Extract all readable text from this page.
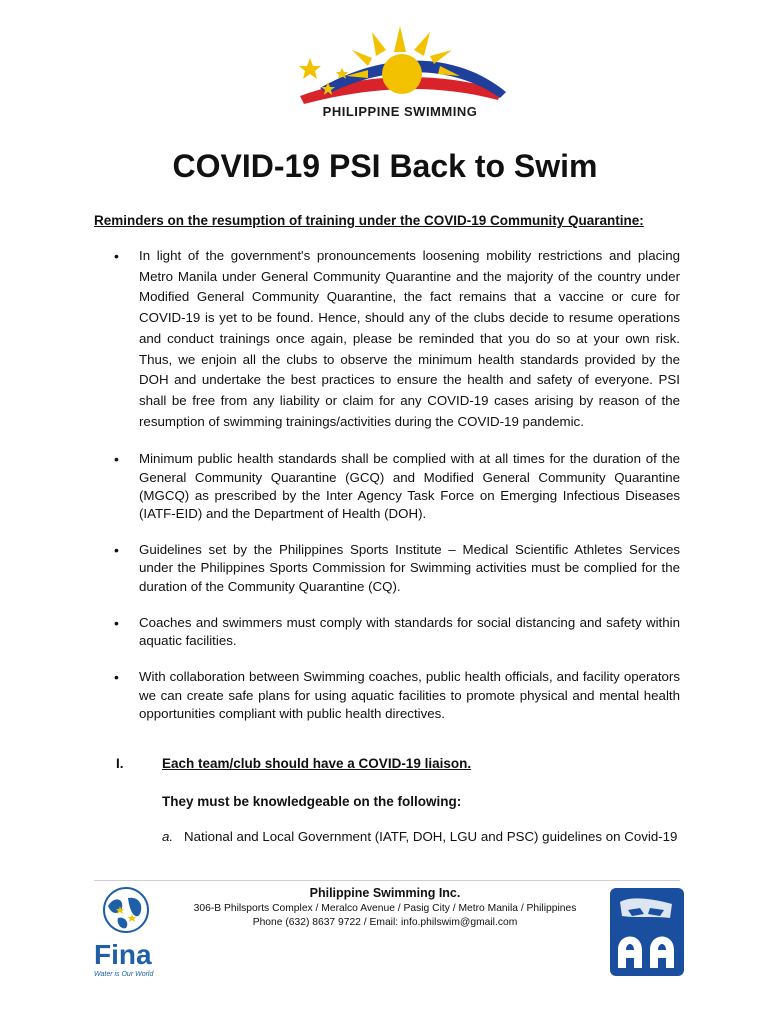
PHILIPPINE SWIMMING
COVID-19 PSI Back to Swim
Reminders on the resumption of training under the COVID-19 Community Quarantine:
• In light of the government's pronouncements loosening mobility restrictions and placing Metro Manila under General Community Quarantine and the majority of the country under Modified General Community Quarantine, the fact remains that a vaccine or cure for COVID-19 is yet to be found. Hence, should any of the clubs decide to resume operations and conduct trainings once again, please be reminded that you do so at your own risk. Thus, we enjoin all the clubs to observe the minimum health standards provided by the DOH and undertake the best practices to ensure the health and safety of everyone. PSI shall be free from any liability or claim for any COVID-19 cases arising by reason of the resumption of swimming trainings/activities during the COVID-19 pandemic.
• Minimum public health standards shall be complied with at all times for the duration of the General Community Quarantine (GCQ) and Modified General Community Quarantine (MGCQ) as prescribed by the Inter Agency Task Force on Emerging Infectious Diseases (IATF-EID) and the Department of Health (DOH).
• Guidelines set by the Philippines Sports Institute – Medical Scientific Athletes Services under the Philippines Sports Commission for Swimming activities must be complied for the duration of the Community Quarantine (CQ).
• Coaches and swimmers must comply with standards for social distancing and safety within aquatic facilities.
• With collaboration between Swimming coaches, public health officials, and facility operators we can create safe plans for using aquatic facilities to promote physical and mental health opportunities compliant with public health directives.
I.	Each team/club should have a COVID-19 liaison.
They must be knowledgeable on the following:
a. National and Local Government (IATF, DOH, LGU and PSC) guidelines on Covid-19
Fina
Water is Our World
Philippine Swimming Inc.
306-B Philsports Complex / Meralco Avenue / Pasig City / Metro Manila / Philippines
Phone (632) 8637 9722 / Email: info.philswim@gmail.com
